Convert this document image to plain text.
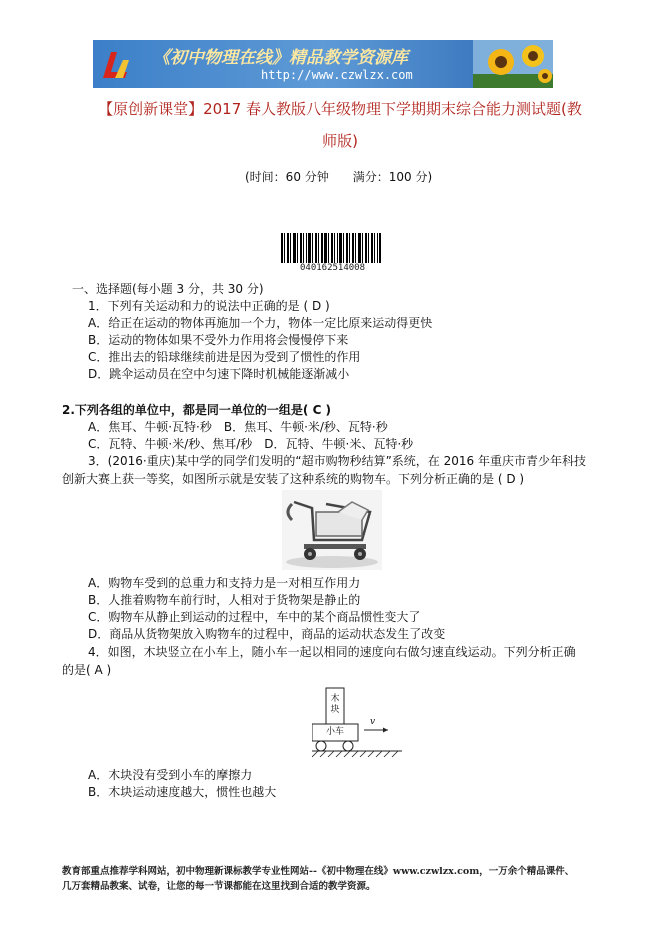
《初中物理在线》精品教学资源库
http://www.czwlzx.com
【原创新课堂】2017 春人教版八年级物理下学期期末综合能力测试题(教
师版)
(时间：60 分钟　　满分：100 分)
040162514008
一、选择题(每小题 3 分，共 30 分)
1．下列有关运动和力的说法中正确的是 ( D )
A．给正在运动的物体再施加一个力，物体一定比原来运动得更快
B．运动的物体如果不受外力作用将会慢慢停下来
C．推出去的铅球继续前进是因为受到了惯性的作用
D．跳伞运动员在空中匀速下降时机械能逐渐减小
2.下列各组的单位中，都是同一单位的一组是( C )
A．焦耳、牛顿·瓦特·秒　B．焦耳、牛顿·米/秒、瓦特·秒
C．瓦特、牛顿·米/秒、焦耳/秒　D．瓦特、牛顿·米、瓦特·秒
3．(2016·重庆)某中学的同学们发明的“超市购物秒结算”系统，在 2016 年重庆市青少年科技
创新大赛上获一等奖，如图所示就是安装了这种系统的购物车。下列分析正确的是 ( D )
A．购物车受到的总重力和支持力是一对相互作用力
B．人推着购物车前行时，人相对于货物架是静止的
C．购物车从静止到运动的过程中，车中的某个商品惯性变大了
D．商品从货物架放入购物车的过程中，商品的运动状态发生了改变
4．如图，木块竖立在小车上，随小车一起以相同的速度向右做匀速直线运动。下列分析正确
的是( A )
木
块
小车
v
A．木块没有受到小车的摩擦力
B．木块运动速度越大，惯性也越大
教育部重点推荐学科网站，初中物理新课标教学专业性网站--《初中物理在线》www.czwlzx.com，一万余个精品课件、
几万套精品教案、试卷，让您的每一节课都能在这里找到合适的教学资源。
